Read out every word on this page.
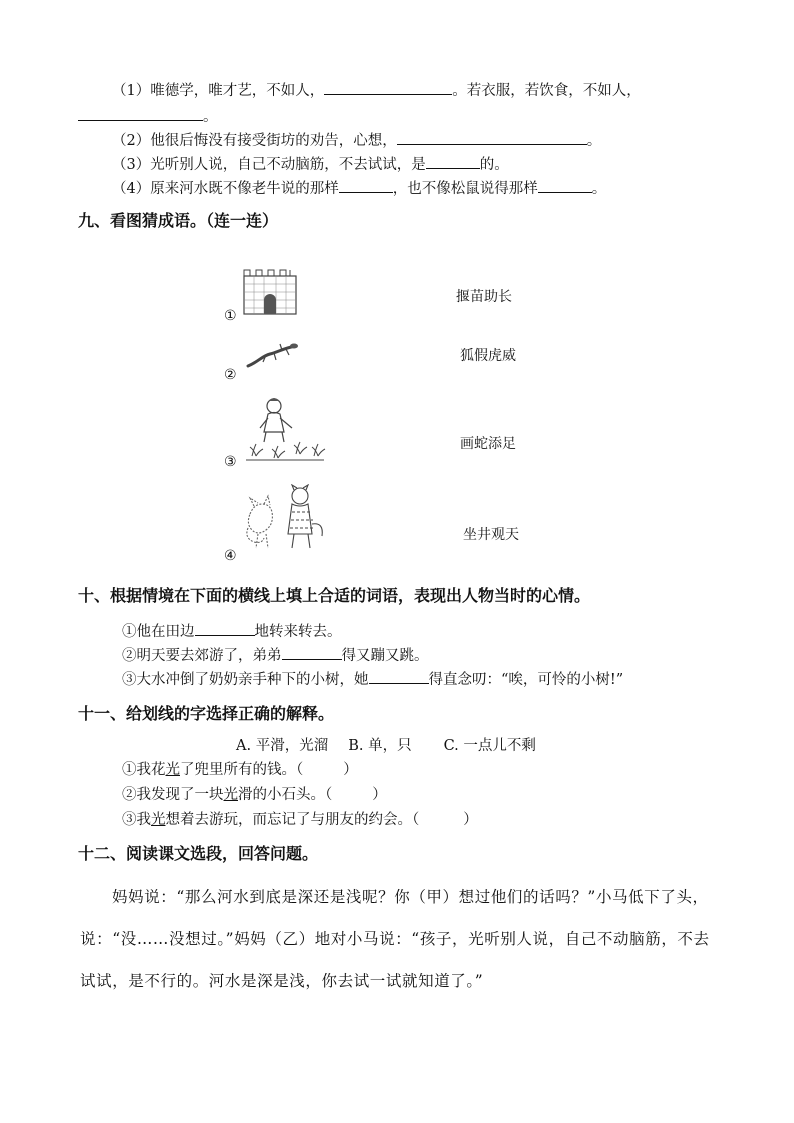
（1）唯德学，唯才艺，不如人，	。若衣服，若饮食，不如人，
。
（2）他很后悔没有接受街坊的劝告，心想，	。
（3）光听别人说，自己不动脑筋，不去试试，是	的。
（4）原来河水既不像老牛说的那样	，也不像松鼠说得那样	。
九、看图猜成语。（连一连）
①
②
③
④
揠苗助长
狐假虎威
画蛇添足
坐井观天
十、根据情境在下面的横线上填上合适的词语，表现出人物当时的心情。
①他在田边	地转来转去。
②明天要去郊游了，弟弟	得又蹦又跳。
③大水冲倒了奶奶亲手种下的小树，她	得直念叨：“唉，可怜的小树!”
十一、给划线的字选择正确的解释。
A. 平滑，光溜 B. 单，只 C. 一点儿不剩
①我花光了兜里所有的钱。（	）
②我发现了一块光滑的小石头。（	）
③我光想着去游玩，而忘记了与朋友的约会。（	）
十二、阅读课文选段，回答问题。
妈妈说：“那么河水到底是深还是浅呢？你（甲）想过他们的话吗？”小马低下了头，说：“没……没想过。”妈妈（乙）地对小马说：“孩子，光听别人说，自己不动脑筋，不去试试，是不行的。河水是深是浅，你去试一试就知道了。”
